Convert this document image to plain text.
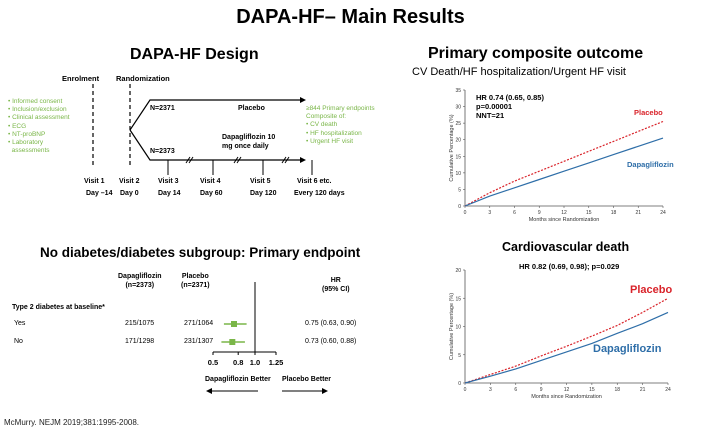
DAPA-HF– Main Results
DAPA-HF Design
Enrolment Randomization
• Informed consent
• Inclusion/exclusion
• Clinical assessment
• ECG
• NT-proBNP
• Laboratory
assessments
N=2371	Placebo
N=2373
Dapagliflozin 10
mg once daily
≥844 Primary endpoints
Composite of:
• CV death
• HF hospitalization
• Urgent HF visit
Visit 1 Visit 2	Visit 3	Visit 4	Visit 5	Visit 6 etc.
Day –14 Day 0	Day 14	Day 60	Day 120	Every 120 days
No diabetes/diabetes subgroup: Primary endpoint
Dapagliflozin
(n=2373)
Placebo
(n=2371)
HR
(95% CI)
Type 2 diabetes at baseline*
Yes	215/1075	271/1064	0.75 (0.63, 0.90)
No	171/1298	231/1307	0.73 (0.60, 0.88)
Dapagliflozin Better Placebo Better
0.5 0.8 1.0 1.25
Primary composite outcome
CV Death/HF hospitalization/Urgent HF visit
HR 0.74 (0.65, 0.85)
p=0.00001
NNT=21	Placebo
Dapagliflozin
Cardiovascular death
HR 0.82 (0.69, 0.98); p=0.029
Placebo
Dapagliflozin
0	3	6	9	12	15	18	21	24
0
5
10
15
20
25
30
35
Months since Randomization
Cumulative Percentage (%)
0	3	6	9	12	15	18	21	24
0
5
10
15
20
Months since Randomization
Cumulative Percentage (%)
McMurry. NEJM 2019;381:1995-2008.
